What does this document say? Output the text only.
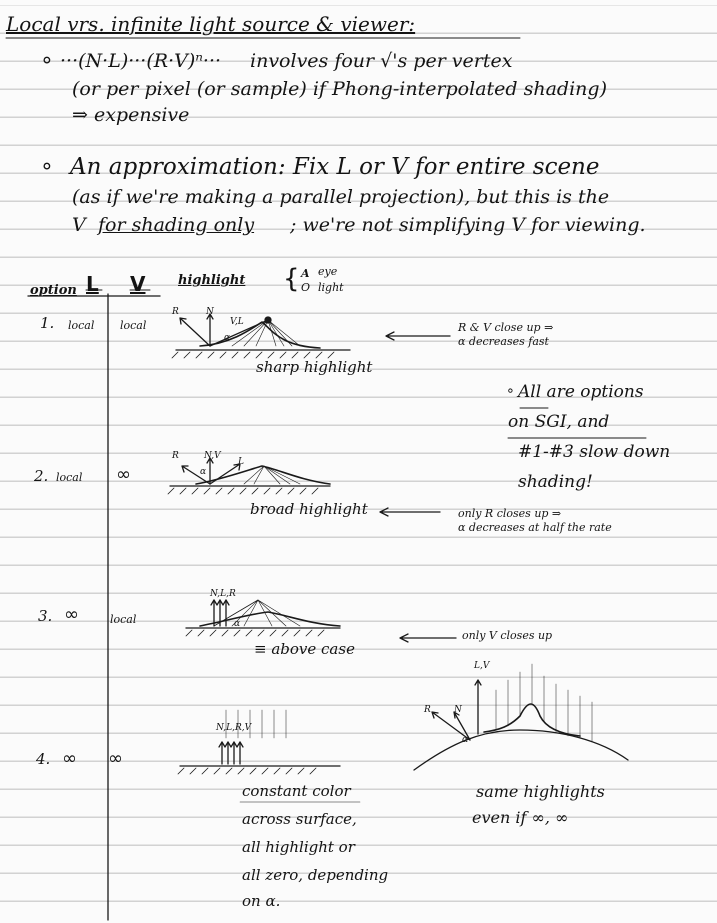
Local vrs. infinite light source & viewer:
∘ ···(N·L)···(R·V)ⁿ··· involves four √'s per vertex
(or per pixel (or sample) if Phong-interpolated shading)
⇒ expensive
∘ An approximation: Fix L or V for entire scene
(as if we're making a parallel projection), but this is the
V for shading only ; we're not simplifying V for viewing.
option L V	highlight { A eye
O light
1. local local
R	N
V,L
α
sharp highlight
R & V close up ⇒
α decreases fast
∘ All are options
on SGI, and
#1-#3 slow down
shading!
2. local ∞
R	N,V
L
α
broad highlight	only R closes up ⇒
α decreases at half the rate
3. ∞	local
N,L,R
α
≡ above case
only V closes up
4. ∞ ∞
N,L,R,V
constant color
across surface,
all highlight or
all zero, depending
on α.
L,V
R	N
α
same highlights
even if ∞, ∞
